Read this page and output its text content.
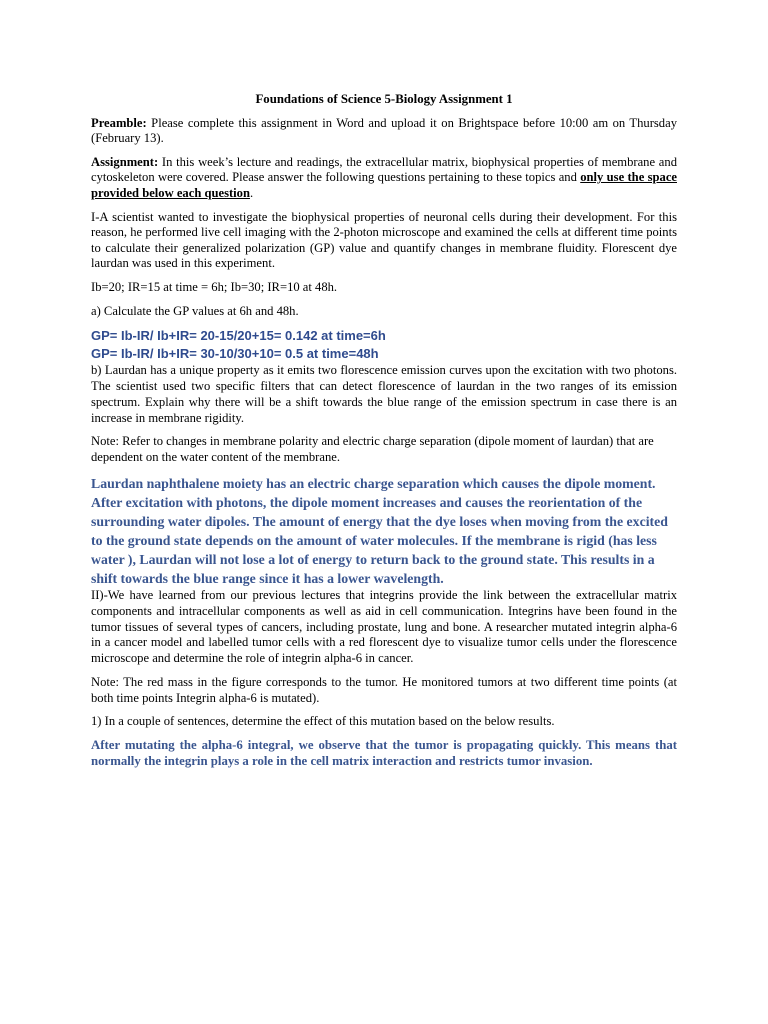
Foundations of Science 5-Biology Assignment 1

Preamble: Please complete this assignment in Word and upload it on Brightspace before 10:00 am on Thursday (February 13).

Assignment: In this week’s lecture and readings, the extracellular matrix, biophysical properties of membrane and cytoskeleton were covered. Please answer the following questions pertaining to these topics and only use the space provided below each question.

I-A scientist wanted to investigate the biophysical properties of neuronal cells during their development. For this reason, he performed live cell imaging with the 2-photon microscope and examined the cells at different time points to calculate their generalized polarization (GP) value and quantify changes in membrane fluidity. Florescent dye laurdan was used in this experiment.

Ib=20; IR=15 at time = 6h; Ib=30; IR=10 at 48h.

a) Calculate the GP values at 6h and 48h.

GP= Ib-IR/ Ib+IR= 20-15/20+15= 0.142 at time=6h

GP= Ib-IR/ Ib+IR= 30-10/30+10= 0.5 at time=48h

b) Laurdan has a unique property as it emits two florescence emission curves upon the excitation with two photons. The scientist used two specific filters that can detect florescence of laurdan in the two ranges of its emission spectrum. Explain why there will be a shift towards the blue range of the emission spectrum in case there is an increase in membrane rigidity.

Note: Refer to changes in membrane polarity and electric charge separation (dipole moment of laurdan) that are dependent on the water content of the membrane.

Laurdan naphthalene moiety has an electric charge separation which causes the dipole moment. After excitation with photons, the dipole moment increases and causes the reorientation of the surrounding water dipoles. The amount of energy that the dye loses when moving from the excited to the ground state depends on the amount of water molecules. If the membrane is rigid (has less water ), Laurdan will not lose a lot of energy to return back to the ground state. This results in a shift towards the blue range since it has a lower wavelength.

II)-We have learned from our previous lectures that integrins provide the link between the extracellular matrix components and intracellular components as well as aid in cell communication. Integrins have been found in the tumor tissues of several types of cancers, including prostate, lung and bone. A researcher mutated integrin alpha-6 in a cancer model and labelled tumor cells with a red florescent dye to visualize tumor cells under the florescence microscope and determine the role of integrin alpha-6 in cancer.

Note: The red mass in the figure corresponds to the tumor. He monitored tumors at two different time points (at both time points Integrin alpha-6 is mutated).

1) In a couple of sentences, determine the effect of this mutation based on the below results.

After mutating the alpha-6 integral, we observe that the tumor is propagating quickly. This means that normally the integrin plays a role in the cell matrix interaction and restricts tumor invasion.
